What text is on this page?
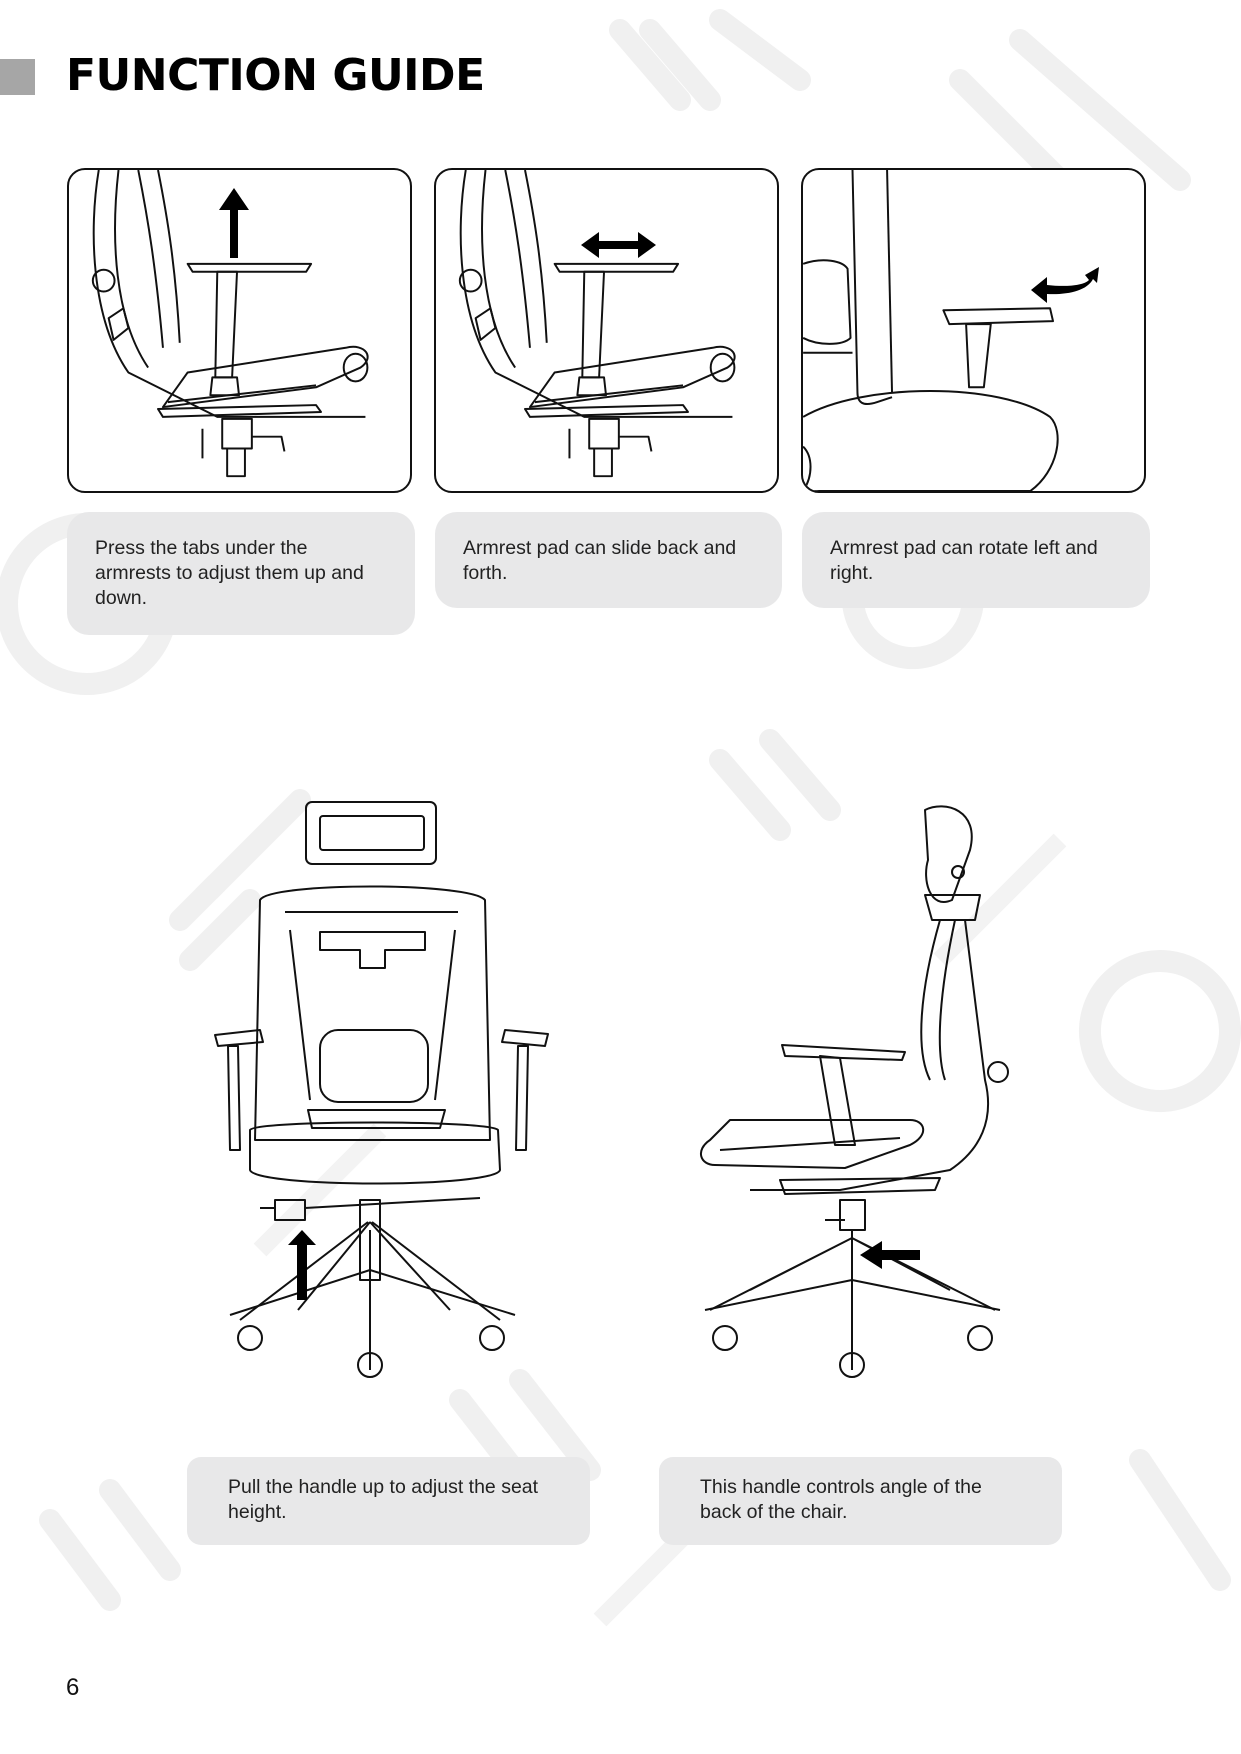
FUNCTION GUIDE
Press the tabs under the armrests to adjust them up and down.
Armrest pad can slide back and forth.
Armrest pad can rotate left and right.
Pull the handle up to adjust the seat height.
This handle controls angle of the back of the chair.
6
